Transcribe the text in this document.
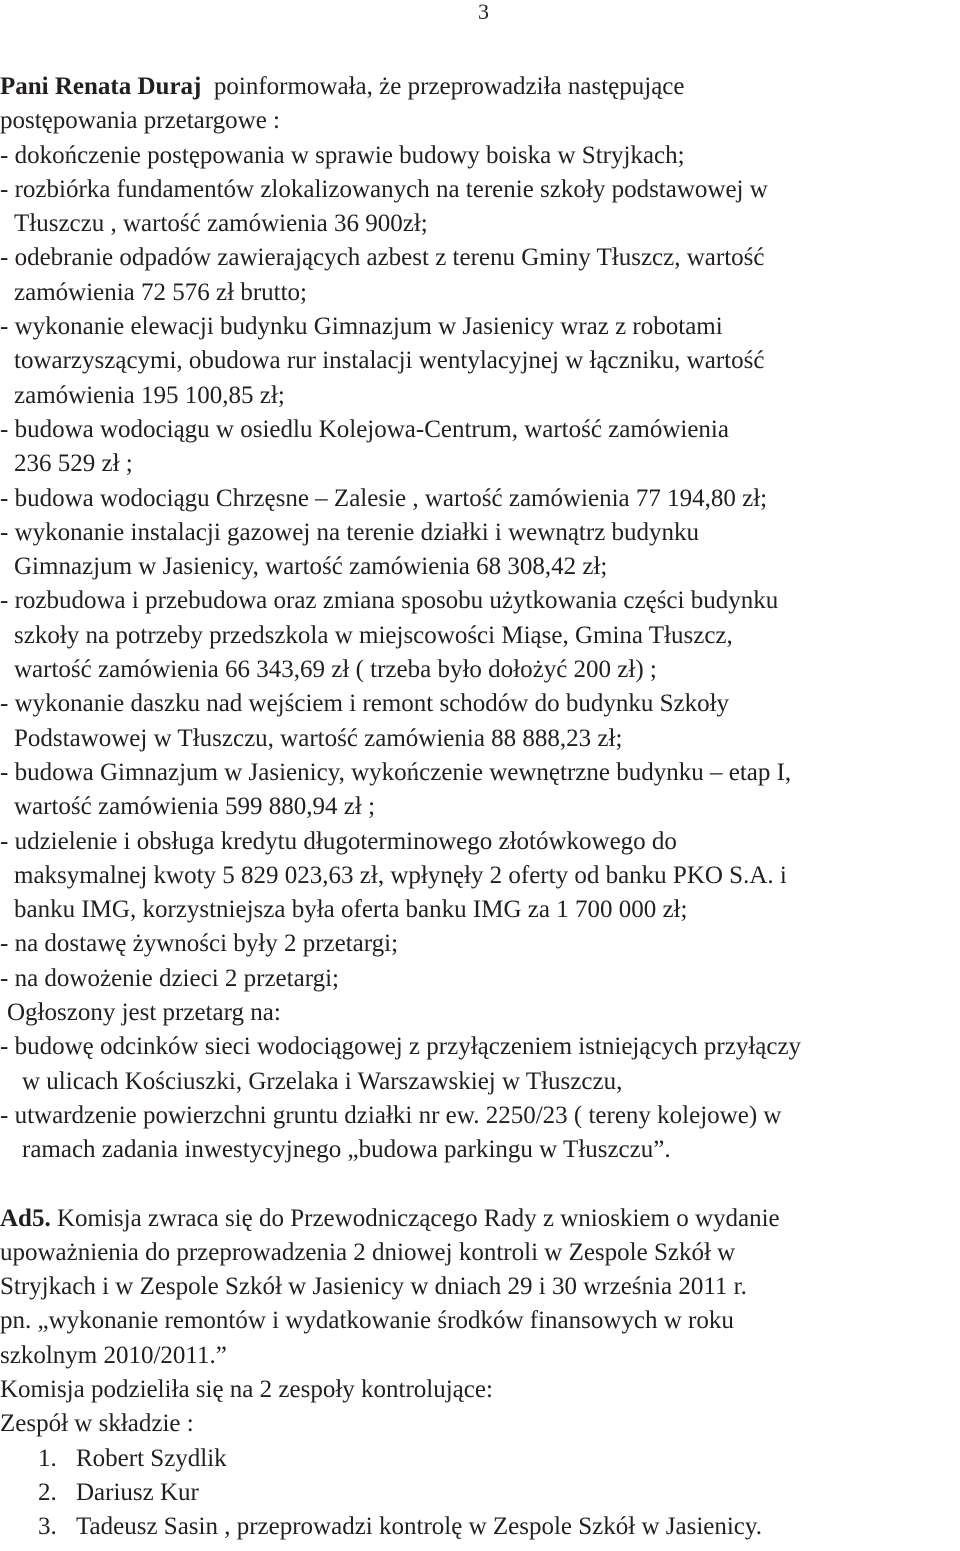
3
Pani Renata Duraj poinformowała, że przeprowadziła następujące
postępowania przetargowe :
- dokończenie postępowania w sprawie budowy boiska w Stryjkach;
- rozbiórka fundamentów zlokalizowanych na terenie szkoły podstawowej w
Tłuszczu , wartość zamówienia 36 900zł;
- odebranie odpadów zawierających azbest z terenu Gminy Tłuszcz, wartość
zamówienia 72 576 zł brutto;
- wykonanie elewacji budynku Gimnazjum w Jasienicy wraz z robotami
towarzyszącymi, obudowa rur instalacji wentylacyjnej w łączniku, wartość
zamówienia 195 100,85 zł;
- budowa wodociągu w osiedlu Kolejowa-Centrum, wartość zamówienia
236 529 zł ;
- budowa wodociągu Chrzęsne – Zalesie , wartość zamówienia 77 194,80 zł;
- wykonanie instalacji gazowej na terenie działki i wewnątrz budynku
Gimnazjum w Jasienicy, wartość zamówienia 68 308,42 zł;
- rozbudowa i przebudowa oraz zmiana sposobu użytkowania części budynku
szkoły na potrzeby przedszkola w miejscowości Miąse, Gmina Tłuszcz,
wartość zamówienia 66 343,69 zł ( trzeba było dołożyć 200 zł) ;
- wykonanie daszku nad wejściem i remont schodów do budynku Szkoły
Podstawowej w Tłuszczu, wartość zamówienia 88 888,23 zł;
- budowa Gimnazjum w Jasienicy, wykończenie wewnętrzne budynku – etap I,
wartość zamówienia 599 880,94 zł ;
- udzielenie i obsługa kredytu długoterminowego złotówkowego do
maksymalnej kwoty 5 829 023,63 zł, wpłynęły 2 oferty od banku PKO S.A. i
banku IMG, korzystniejsza była oferta banku IMG za 1 700 000 zł;
- na dostawę żywności były 2 przetargi;
- na dowożenie dzieci 2 przetargi;
Ogłoszony jest przetarg na:
- budowę odcinków sieci wodociągowej z przyłączeniem istniejących przyłączy
w ulicach Kościuszki, Grzelaka i Warszawskiej w Tłuszczu,
- utwardzenie powierzchni gruntu działki nr ew. 2250/23 ( tereny kolejowe) w
ramach zadania inwestycyjnego „budowa parkingu w Tłuszczu”.
Ad5. Komisja zwraca się do Przewodniczącego Rady z wnioskiem o wydanie
upoważnienia do przeprowadzenia 2 dniowej kontroli w Zespole Szkół w
Stryjkach i w Zespole Szkół w Jasienicy w dniach 29 i 30 września 2011 r.
pn. „wykonanie remontów i wydatkowanie środków finansowych w roku
szkolnym 2010/2011.”
Komisja podzieliła się na 2 zespoły kontrolujące:
Zespół w składzie :
1. Robert Szydlik
2. Dariusz Kur
3. Tadeusz Sasin , przeprowadzi kontrolę w Zespole Szkół w Jasienicy.
